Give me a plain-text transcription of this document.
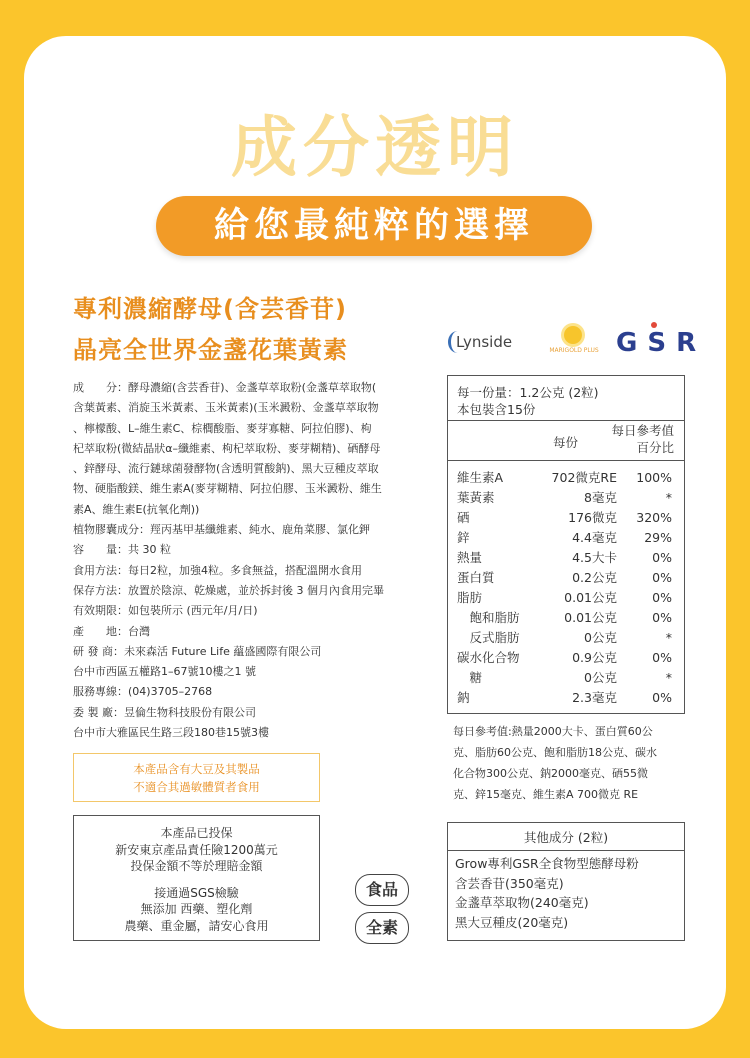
成分透明
給您最純粹的選擇
專利濃縮酵母(含芸香苷)
晶亮全世界金盞花葉黃素	Lynside	MARIGOLD PLUS GSR
成　　分： 酵母濃縮(含芸香苷)、金盞草萃取粉(金盞草萃取物(
含葉黃素、消旋玉米黃素、玉米黃素)(玉米澱粉、金盞草萃取物
、檸檬酸、L–維生素C、棕櫚酸脂、麥芽寡糖、阿拉伯膠)、枸
杞萃取粉(微結晶狀α–纖維素、枸杞萃取粉、麥芽糊精)、硒酵母
、鋅酵母、流行鏈球菌發酵物(含透明質酸鈉)、黑大豆種皮萃取
物、硬脂酸鎂、維生素A(麥芽糊精、阿拉伯膠、玉米澱粉、維生
素A、維生素E(抗氧化劑))
植物膠囊成分： 羥丙基甲基纖維素、純水、鹿角菜膠、氯化鉀
容　　量： 共 30 粒
食用方法： 每日2粒，加強4粒。多食無益，搭配溫開水食用
保存方法： 放置於陰涼、乾燥處，並於拆封後 3 個月內食用完畢
有效期限： 如包裝所示 (西元年/月/日)
產　　地： 台灣
研 發 商： 未來森活 Future Life 蘊盛國際有限公司
台中市西區五權路1–67號10樓之1 號
服務專線： (04)3705–2768
委 製 廠： 昱倫生物科技股份有限公司
台中市大雅區民生路三段180巷15號3樓
本產品含有大豆及其製品
不適合其過敏體質者食用
本產品已投保
新安東京產品責任險1200萬元
投保金額不等於理賠金額
接通過SGS檢驗
無添加 西藥、塑化劑
農藥、重金屬，請安心食用
食品
全素
每一份量：1.2公克 (2粒)
本包裝含15份
每份
每日參考值
百分比
維生素A	702微克RE 100%
葉黃素	8毫克	*
硒	176微克 320%
鋅	4.4毫克 29%
熱量	4.5大卡	0%
蛋白質	0.2公克	0%
脂肪	0.01公克	0%
　飽和脂肪	0.01公克	0%
　反式脂肪	0公克	*
碳水化合物	0.9公克	0%
　糖	0公克	*
鈉	2.3毫克	0%
每日參考值:熱量2000大卡、蛋白質60公
克、脂肪60公克、飽和脂肪18公克、碳水
化合物300公克、鈉2000毫克、硒55微
克、鋅15毫克、維生素A 700微克 RE
其他成分 (2粒)
Grow專利GSR全食物型態酵母粉
含芸香苷(350毫克)
金盞草萃取物(240毫克)
黑大豆種皮(20毫克)
